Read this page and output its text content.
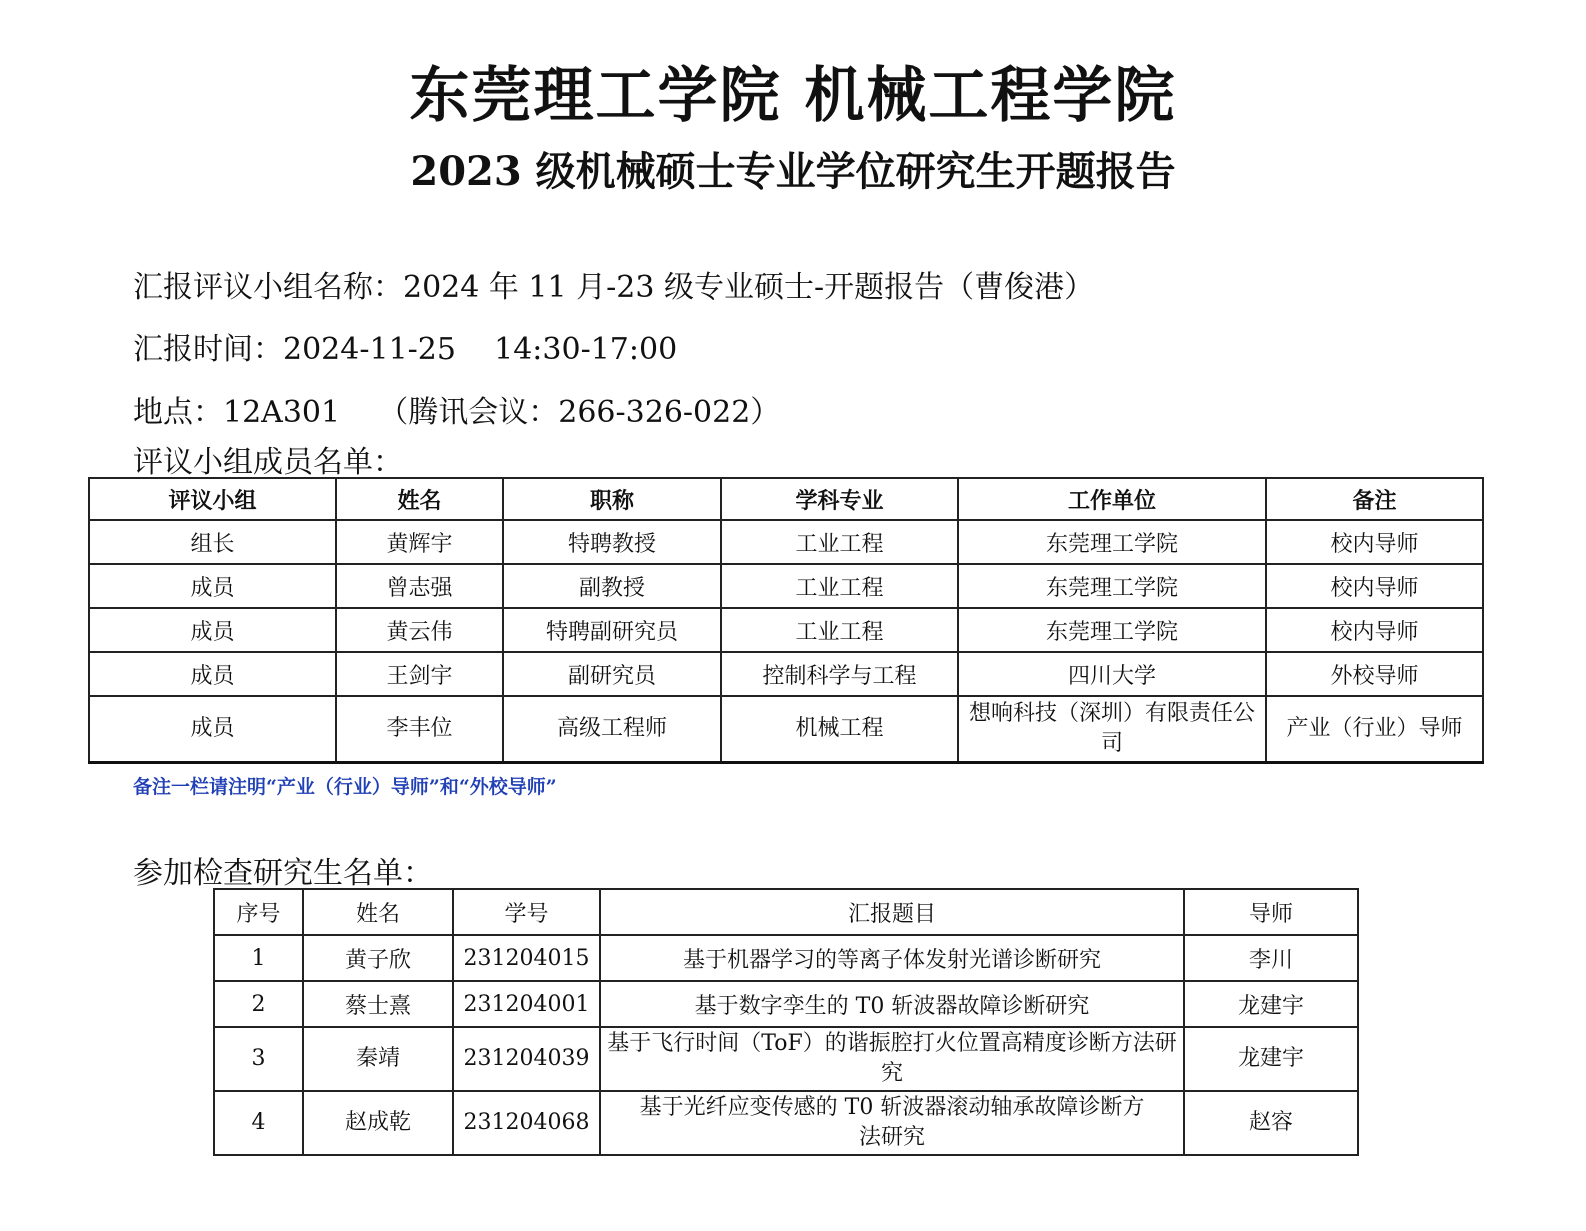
东莞理工学院 机械工程学院
2023 级机械硕士专业学位研究生开题报告
汇报评议小组名称：2024 年 11 月-23 级专业硕士-开题报告（曹俊港）
汇报时间：2024-11-25    14:30-17:00
地点：12A301    （腾讯会议：266-326-022）
评议小组成员名单：
评议小组	姓名	职称	学科专业	工作单位	备注
组长	黄辉宇	特聘教授	工业工程	东莞理工学院	校内导师
成员	曾志强	副教授	工业工程	东莞理工学院	校内导师
成员	黄云伟	特聘副研究员	工业工程	东莞理工学院	校内导师
成员	王剑宇	副研究员	控制科学与工程	四川大学	外校导师
成员	李丰位	高级工程师	机械工程	想响科技（深圳）有限责任公司	产业（行业）导师
备注一栏请注明“产业（行业）导师”和“外校导师”
参加检查研究生名单：
序号	姓名	学号	汇报题目	导师
1	黄子欣	231204015	基于机器学习的等离子体发射光谱诊断研究	李川
2	蔡士熹	231204001	基于数字孪生的 T0 斩波器故障诊断研究	龙建宇
3	秦靖	231204039	基于飞行时间（ToF）的谐振腔打火位置高精度诊断方法研究	龙建宇
4	赵成乾	231204068	基于光纤应变传感的 T0 斩波器滚动轴承故障诊断方法研究	赵容
